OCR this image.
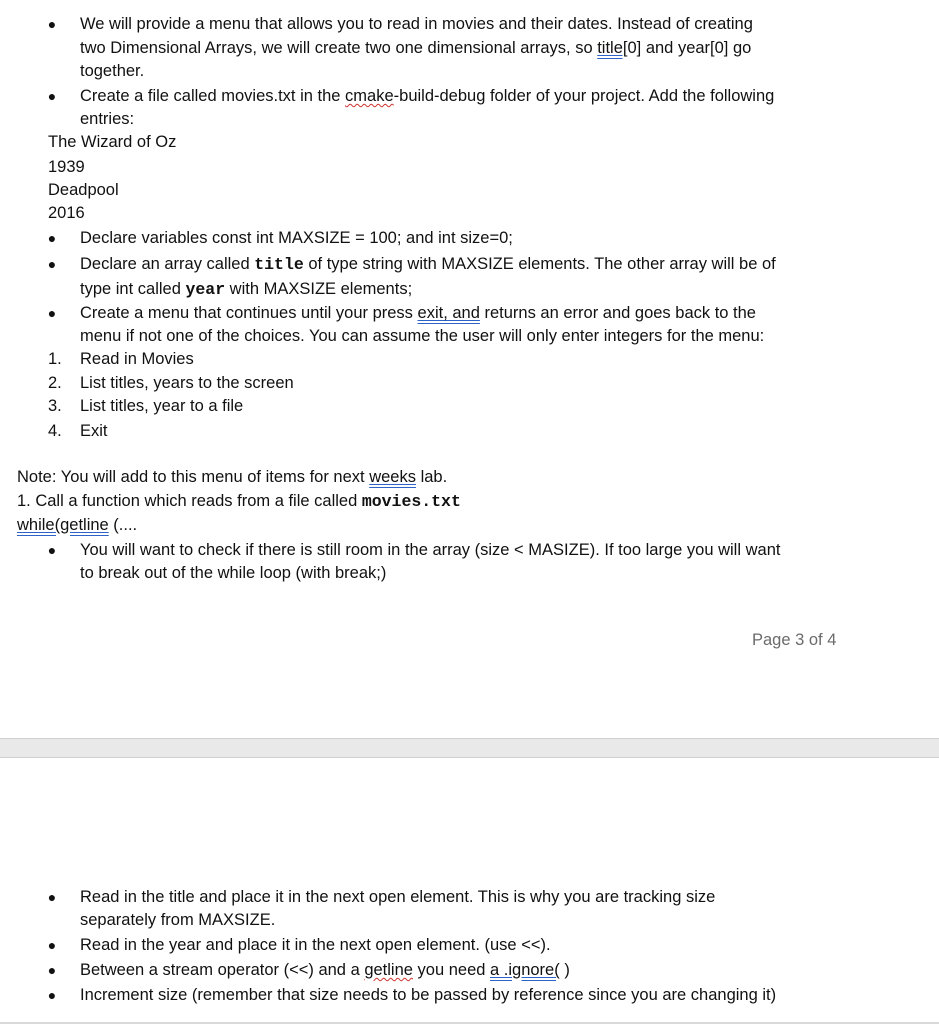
● We will provide a menu that allows you to read in movies and their dates. Instead of creating
two Dimensional Arrays, we will create two one dimensional arrays, so title[0] and year[0] go
together.
● Create a file called movies.txt in the cmake-build-debug folder of your project. Add the following
entries:
The Wizard of Oz
1939
Deadpool
2016
● Declare variables const int MAXSIZE = 100; and int size=0;
● Declare an array called title of type string with MAXSIZE elements. The other array will be of
type int called year with MAXSIZE elements;
● Create a menu that continues until your press exit, and returns an error and goes back to the
menu if not one of the choices. You can assume the user will only enter integers for the menu:
1. Read in Movies
2. List titles, years to the screen
3. List titles, year to a file
4. Exit
Note: You will add to this menu of items for next weeks lab.
1. Call a function which reads from a file called movies.txt
while(getline (....
● You will want to check if there is still room in the array (size < MASIZE). If too large you will want
to break out of the while loop (with break;)
Page 3 of 4
● Read in the title and place it in the next open element. This is why you are tracking size
separately from MAXSIZE.
● Read in the year and place it in the next open element. (use <<).
● Between a stream operator (<<) and a getline you need a .ignore( )
● Increment size (remember that size needs to be passed by reference since you are changing it)
